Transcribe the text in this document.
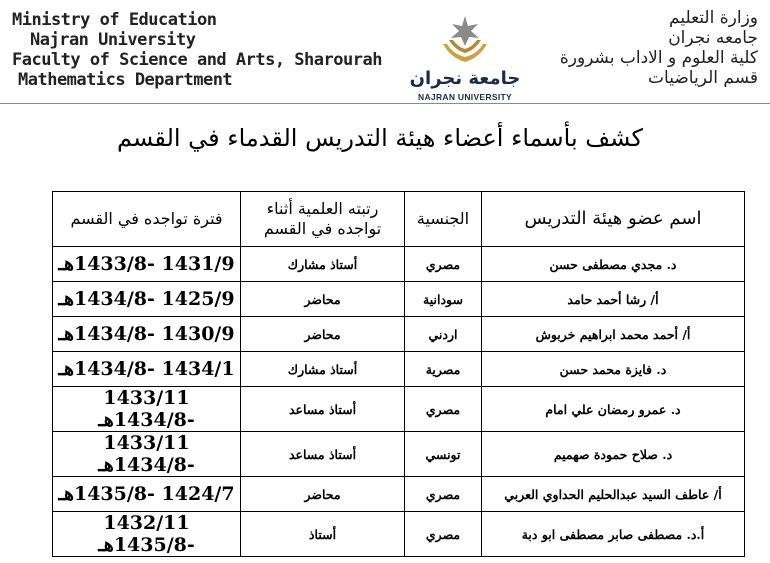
Ministry of Education
Najran University
Faculty of Science and Arts, Sharourah
Mathematics Department	جامعة نجران
NAJRAN UNIVERSITY
وزارة التعليم
جامعه نجران
كلية العلوم و الاداب بشرورة
قسم الرياضيات
كشف بأسماء أعضاء هيئة التدريس القدماء في القسم
اسم عضو هيئة التدريس	الجنسية	رتبته العلمية أثناء تواجده في القسم	فترة تواجده في القسم
د. مجدي مصطفى حسن	مصري	أستاذ مشارك	1431/9 -1433/8هـ
أ/ رشا أحمد حامد	سودانية	محاضر	1425/9 -1434/8هـ
أ/ أحمد محمد ابراهيم خربوش	اردني	محاضر	1430/9 -1434/8هـ
د. فايزة محمد حسن	مصرية	أستاذ مشارك	1434/1 -1434/8هـ
د. عمرو رمضان علي امام	مصري	أستاذ مساعد	1433/11 -1434/8هـ
د. صلاح حمودة صهميم	تونسي	أستاذ مساعد	1433/11 -1434/8هـ
أ/ عاطف السيد عبدالحليم الحداوي العربي	مصري	محاضر	1424/7 -1435/8هـ
أ.د. مصطفى صابر مصطفى ابو دبة	مصري	أستاذ	1432/11 -1435/8هـ
